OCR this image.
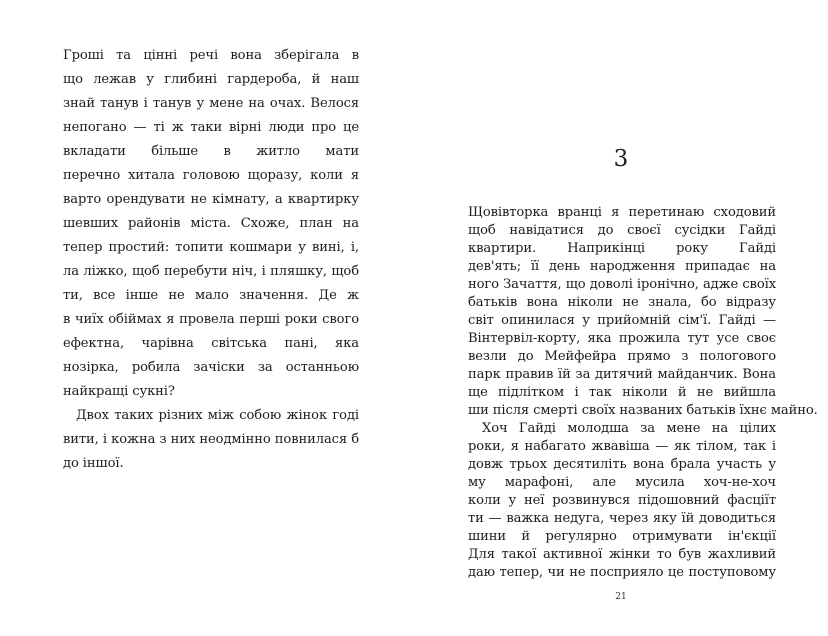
Гроші та цінні речі вона зберігала в
що лежав у глибині гардероба, й наш
знай танув і танув у мене на очах. Велося
непогано — ті ж таки вірні люди про це
вкладати більше в житло мати
перечно хитала головою щоразу, коли я
варто орендувати не кімнату, а квартирку
шевших районів міста. Схоже, план на
тепер простий: топити кошмари у вині, і,
ла ліжко, щоб перебути ніч, і пляшку, щоб
ти, все інше не мало значення. Де ж
в чиїх обіймах я провела перші роки свого
ефектна, чарівна світська пані, яка
нозірка, робила зачіски за останньою
найкращі сукні?
Двох таких різних між собою жінок годі
вити, і кожна з них неодмінно повнилася б
до іншої.
3
Щовівторка вранці я перетинаю сходовий
щоб навідатися до своєї сусідки Гайді
квартири. Наприкінці року Гайді
дев'ять; її день народження припадає на
ного Зачаття, що доволі іронічно, адже своїх
батьків вона ніколи не знала, бо відразу
світ опинилася у прийомній сім'ї. Гайді —
Вінтервіл-корту, яка прожила тут усе своє
везли до Мейфейра прямо з пологового
парк правив їй за дитячий майданчик. Вона
ще підлітком і так ніколи й не вийшла
ши після смерті своїх названих батьків їхнє майно.
Хоч Гайді молодша за мене на цілих
роки, я набагато жвавіша — як тілом, так і
довж трьох десятиліть вона брала участь у
му марафоні, але мусила хоч-не-хоч
коли у неї розвинувся підошовний фасціїт
ти — важка недуга, через яку їй доводиться
шини й регулярно отримувати ін'єкції
Для такої активної жінки то був жахливий
даю тепер, чи не посприяло це поступовому
21
